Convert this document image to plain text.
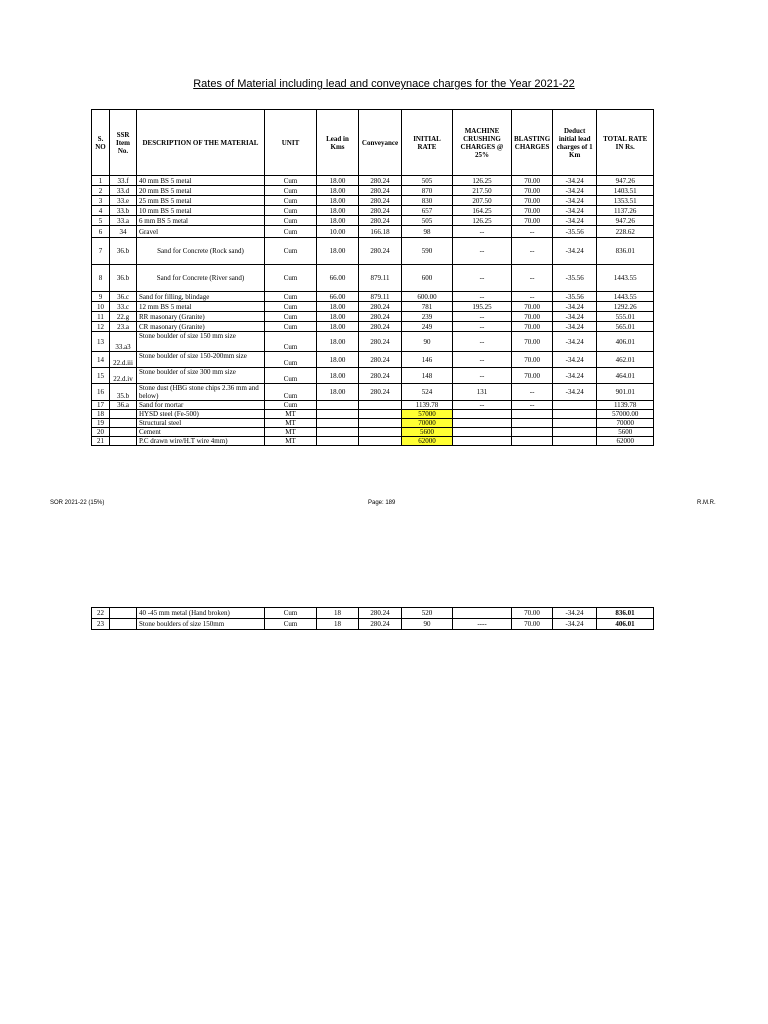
Rates of Material including lead and conveynace charges for the Year 2021-22
S. NO	SSR Item No.	DESCRIPTION OF THE MATERIAL	UNIT	Lead in Kms	Conveyance	INITIAL RATE	MACHINE CRUSHING CHARGES @ 25%	BLASTING CHARGES	Deduct initial lead charges of 1 Km	TOTAL RATE IN Rs.
1	33.f	40 mm BS 5 metal	Cum	18.00	280.24	505	126.25	70.00	-34.24	947.26
2	33.d	20 mm BS 5 metal	Cum	18.00	280.24	870	217.50	70.00	-34.24	1403.51
3	33.e	25 mm BS 5 metal	Cum	18.00	280.24	830	207.50	70.00	-34.24	1353.51
4	33.b	10 mm BS 5 metal	Cum	18.00	280.24	657	164.25	70.00	-34.24	1137.26
5	33.a	6 mm BS 5 metal	Cum	18.00	280.24	505	126.25	70.00	-34.24	947.26
6	34	Gravel	Cum	10.00	166.18	98	--	--	-35.56	228.62
7	36.b	Sand for Concrete (Rock sand)	Cum	18.00	280.24	590	--	--	-34.24	836.01
8	36.b	Sand for Concrete (River sand)	Cum	66.00	879.11	600	--	--	-35.56	1443.55
9	36.c	Sand for filling, blindage	Cum	66.00	879.11	600.00	--	--	-35.56	1443.55
10	33.c	12 mm BS 5 metal	Cum	18.00	280.24	781	195.25	70.00	-34.24	1292.26
11	22.g	RR masonary (Granite)	Cum	18.00	280.24	239	--	70.00	-34.24	555.01
12	23.a	CR masonary (Granite)	Cum	18.00	280.24	249	--	70.00	-34.24	565.01
13	33.a3	Stone boulder of size 150 mm size	Cum	18.00	280.24	90	--	70.00	-34.24	406.01
14	22.d.iii	Stone boulder of size 150-200mm size	Cum	18.00	280.24	146	--	70.00	-34.24	462.01
15	22.d.iv	Stone boulder of size 300 mm size	Cum	18.00	280.24	148	--	70.00	-34.24	464.01
16	35.b	Stone dust (HBG stone chips 2.36 mm and below)	Cum	18.00	280.24	524	131	--	-34.24	901.01
17	36.a	Sand for mortar	Cum			1139.78	--	--		1139.78
18		HYSD steel (Fe-500)	MT			57000				57000.00
19		Structural steel	MT			70000				70000
20		Cement	MT			5600				5600
21		P.C drawn wire/H.T wire 4mm)	MT			62000				62000
SOR 2021-22 (15%)	Page: 189	R.M.R.
22		40 -45 mm metal (Hand broken)	Cum	18	280.24	520		70.00	-34.24	836.01
23		Stone boulders of size 150mm	Cum	18	280.24	90	----	70.00	-34.24	406.01
